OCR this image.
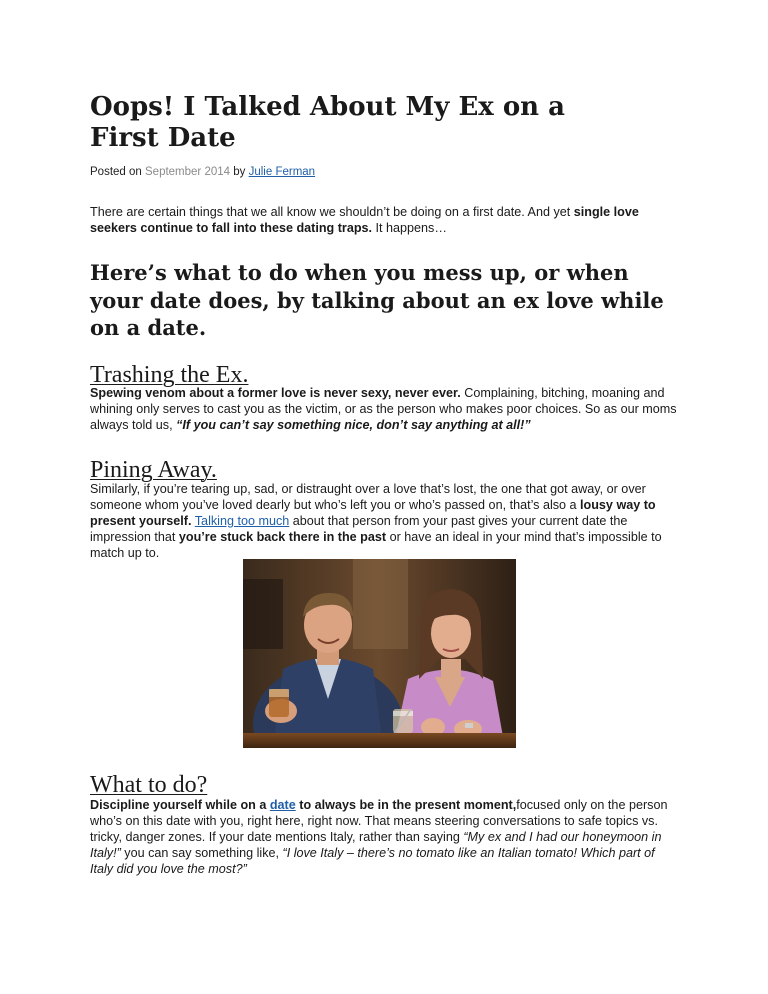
Oops! I Talked About My Ex on a
First Date
Posted on September 2014 by Julie Ferman

There are certain things that we all know we shouldn’t be doing on a first date. And yet single love seekers continue to fall into these dating traps. It happens…

Here’s what to do when you mess up, or when your date does, by talking about an ex love while on a date.
Trashing the Ex.

Spewing venom about a former love is never sexy, never ever. Complaining, bitching, moaning and whining only serves to cast you as the victim, or as the person who makes poor choices. So as our moms always told us, “If you can’t say something nice, don’t say anything at all!”

Pining Away.

Similarly, if you’re tearing up, sad, or distraught over a love that’s lost, the one that got away, or over someone whom you’ve loved dearly but who’s left you or who’s passed on, that’s also a lousy way to present yourself. Talking too much about that person from your past gives your current date the impression that you’re stuck back there in the past or have an ideal in your mind that’s impossible to match up to.

What to do?

Discipline yourself while on a date to always be in the present moment,focused only on the person who’s on this date with you, right here, right now. That means steering conversations to safe topics vs. tricky, danger zones. If your date mentions Italy, rather than saying “My ex and I had our honeymoon in Italy!” you can say something like, “I love Italy – there’s no tomato like an Italian tomato! Which part of Italy did you love the most?”
